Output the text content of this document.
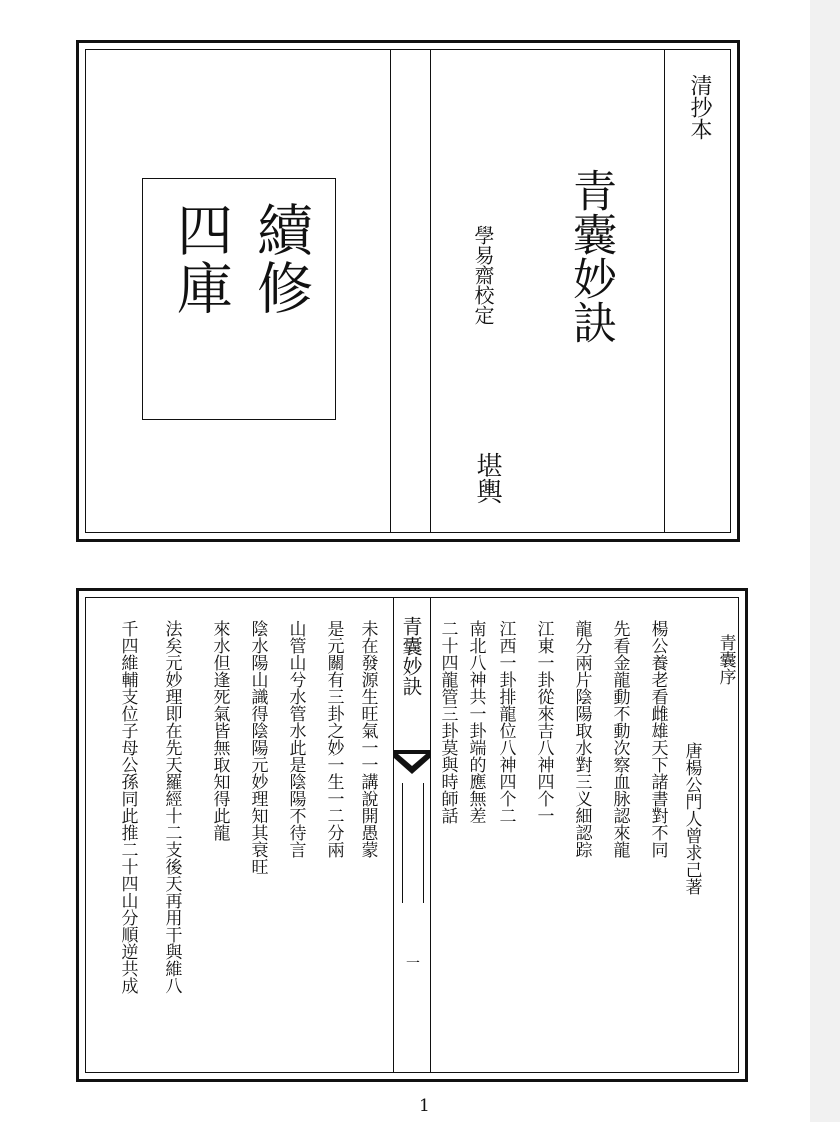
續修
四庫	學易齋校定
堪輿
青囊妙訣
清抄本
未在發源生旺氣一一講說開愚蒙
是元關有三卦之妙一生一二分兩
山管山兮水管水此是陰陽不待言
陰水陽山識得陰陽元妙理知其衰旺
來水但逢死氣皆無取知得此龍
法矣元妙理即在先天羅經十二支後天再用干與維八
千四維輔支位子母公孫同此推二十四山分順逆共成	青囊妙訣
一
青囊序
唐楊公門人曾求己著
楊公養老看雌雄天下諸書對不同
先看金龍動不動次察血脉認來龍
龍分兩片陰陽取水對三义細認踪
江東一卦從來吉八神四个一
江西一卦排龍位八神四个二
南北八神共一卦端的應無差
二十四龍管三卦莫與時師話
1
